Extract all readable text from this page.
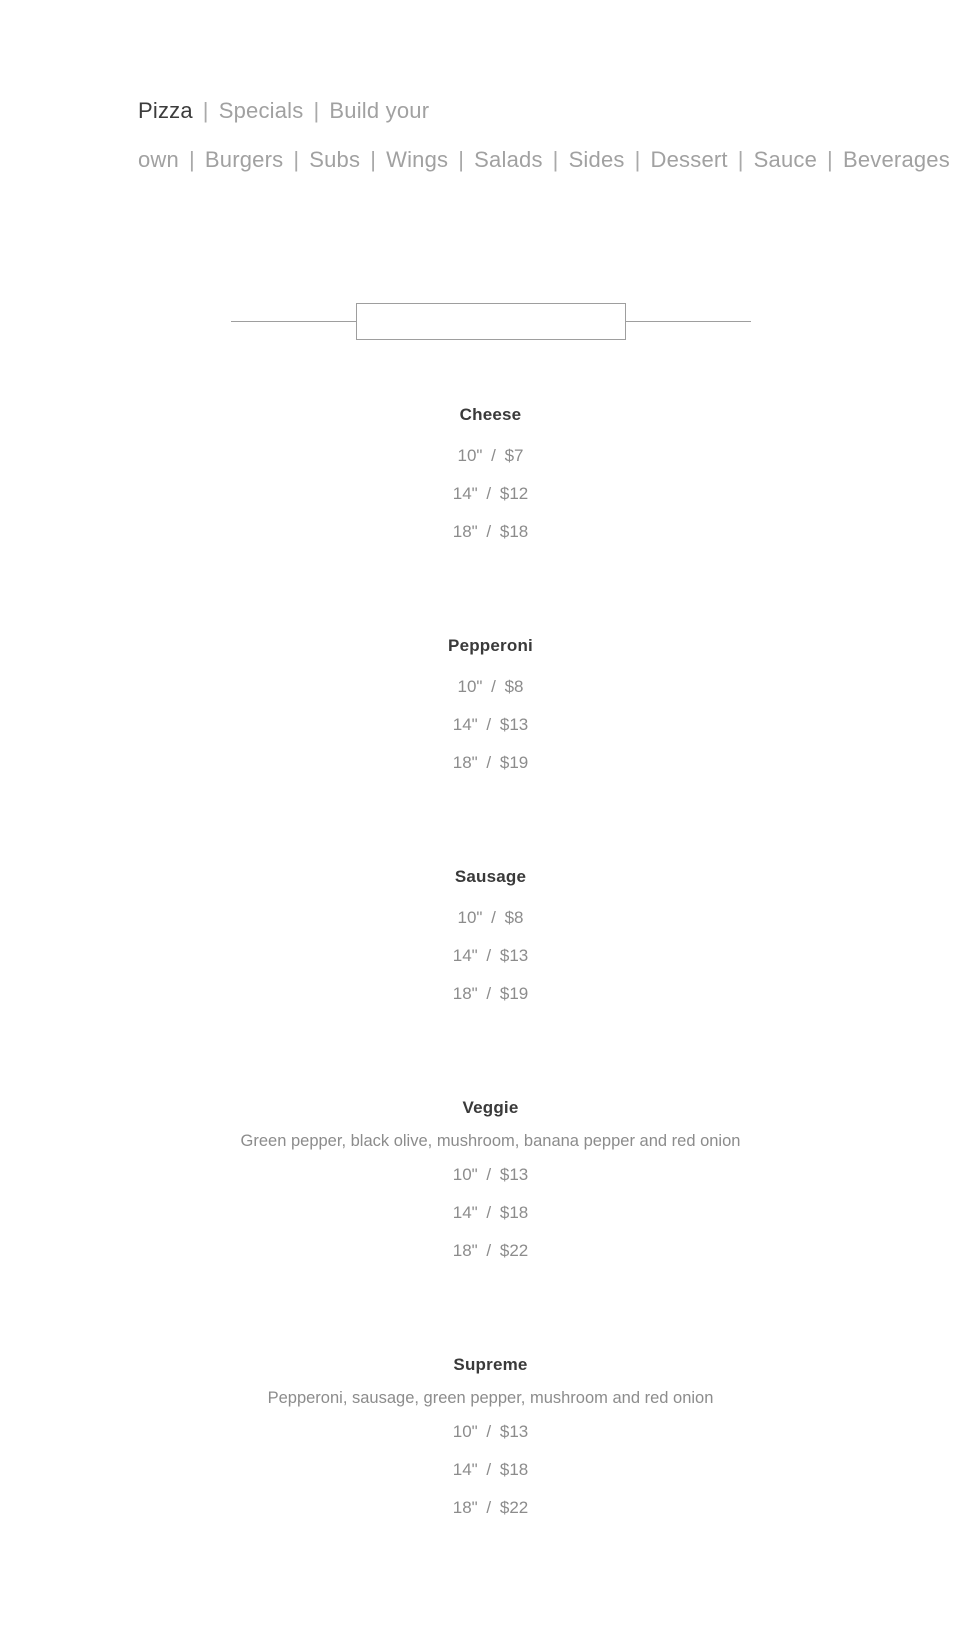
Pizza | Specials | Build your own | Burgers | Subs | Wings | Salads | Sides | Dessert | Sauce | Beverages
Cheese

10" / $7

14" / $12

18" / $18

Pepperoni

10" / $8

14" / $13

18" / $19

Sausage

10" / $8

14" / $13

18" / $19

Veggie

Green pepper, black olive, mushroom, banana pepper and red onion

10" / $13

14" / $18

18" / $22

Supreme

Pepperoni, sausage, green pepper, mushroom and red onion

10" / $13

14" / $18

18" / $22
